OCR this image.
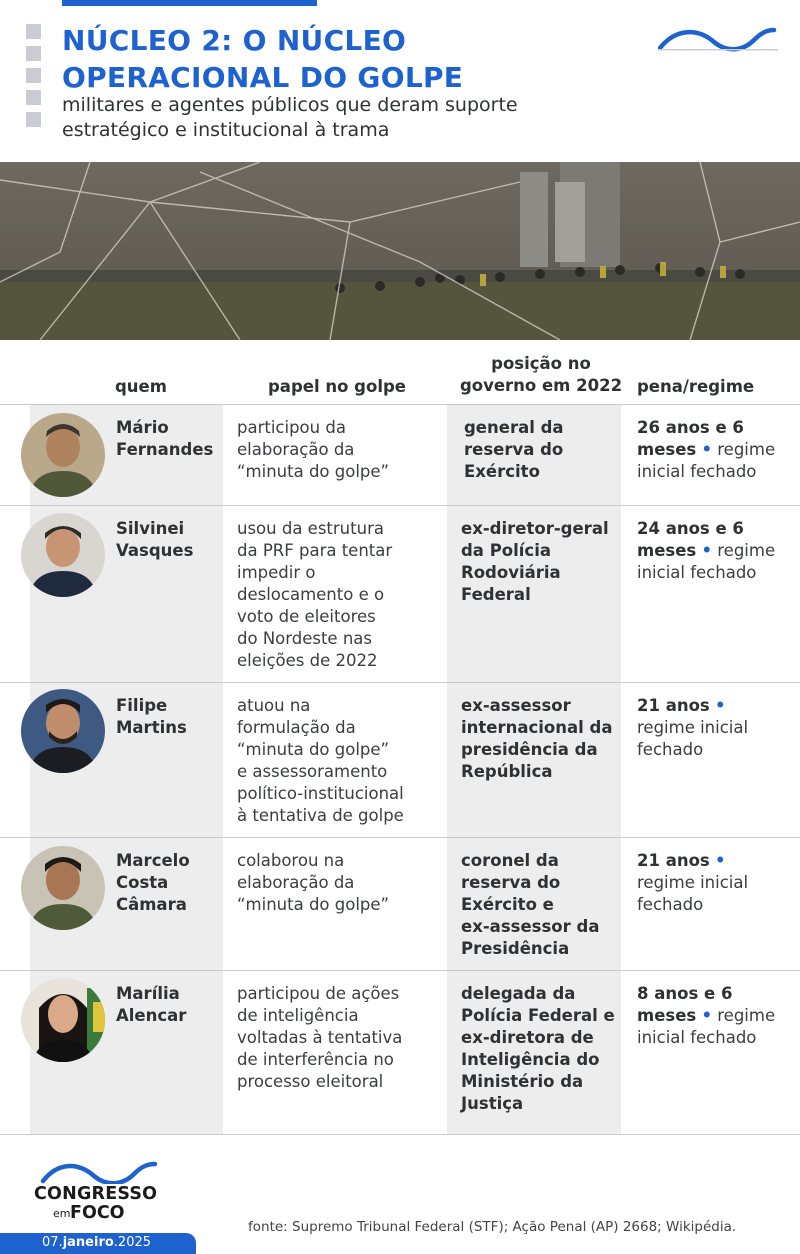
NÚCLEO 2: O NÚCLEO
OPERACIONAL DO GOLPE
militares e agentes públicos que deram suporte
estratégico e institucional à trama
quem	papel no golpe
posição no
governo em 2022 pena/regime
Mário
Fernandes
participou da
elaboração da
“minuta do golpe”
general da
reserva do
Exército
26 anos e 6
meses • regime
inicial fechado
Silvinei
Vasques
usou da estrutura
da PRF para tentar
impedir o
deslocamento e o
voto de eleitores
do Nordeste nas
eleições de 2022
ex-diretor-geral
da Polícia
Rodoviária
Federal
24 anos e 6
meses • regime
inicial fechado
Filipe
Martins
atuou na
formulação da
“minuta do golpe”
e assessoramento
político-institucional
à tentativa de golpe
ex-assessor
internacional da
presidência da
República
21 anos •
regime inicial
fechado
Marcelo
Costa
Câmara
colaborou na
elaboração da
“minuta do golpe”
coronel da
reserva do
Exército e
ex-assessor da
Presidência
21 anos •
regime inicial
fechado
Marília
Alencar
participou de ações
de inteligência
voltadas à tentativa
de interferência no
processo eleitoral
delegada da
Polícia Federal e
ex-diretora de
Inteligência do
Ministério da
Justiça
8 anos e 6
meses • regime
inicial fechado
CONGRESSO
em FOCO
07.janeiro.2025
fonte: Supremo Tribunal Federal (STF); Ação Penal (AP) 2668; Wikipédia.
